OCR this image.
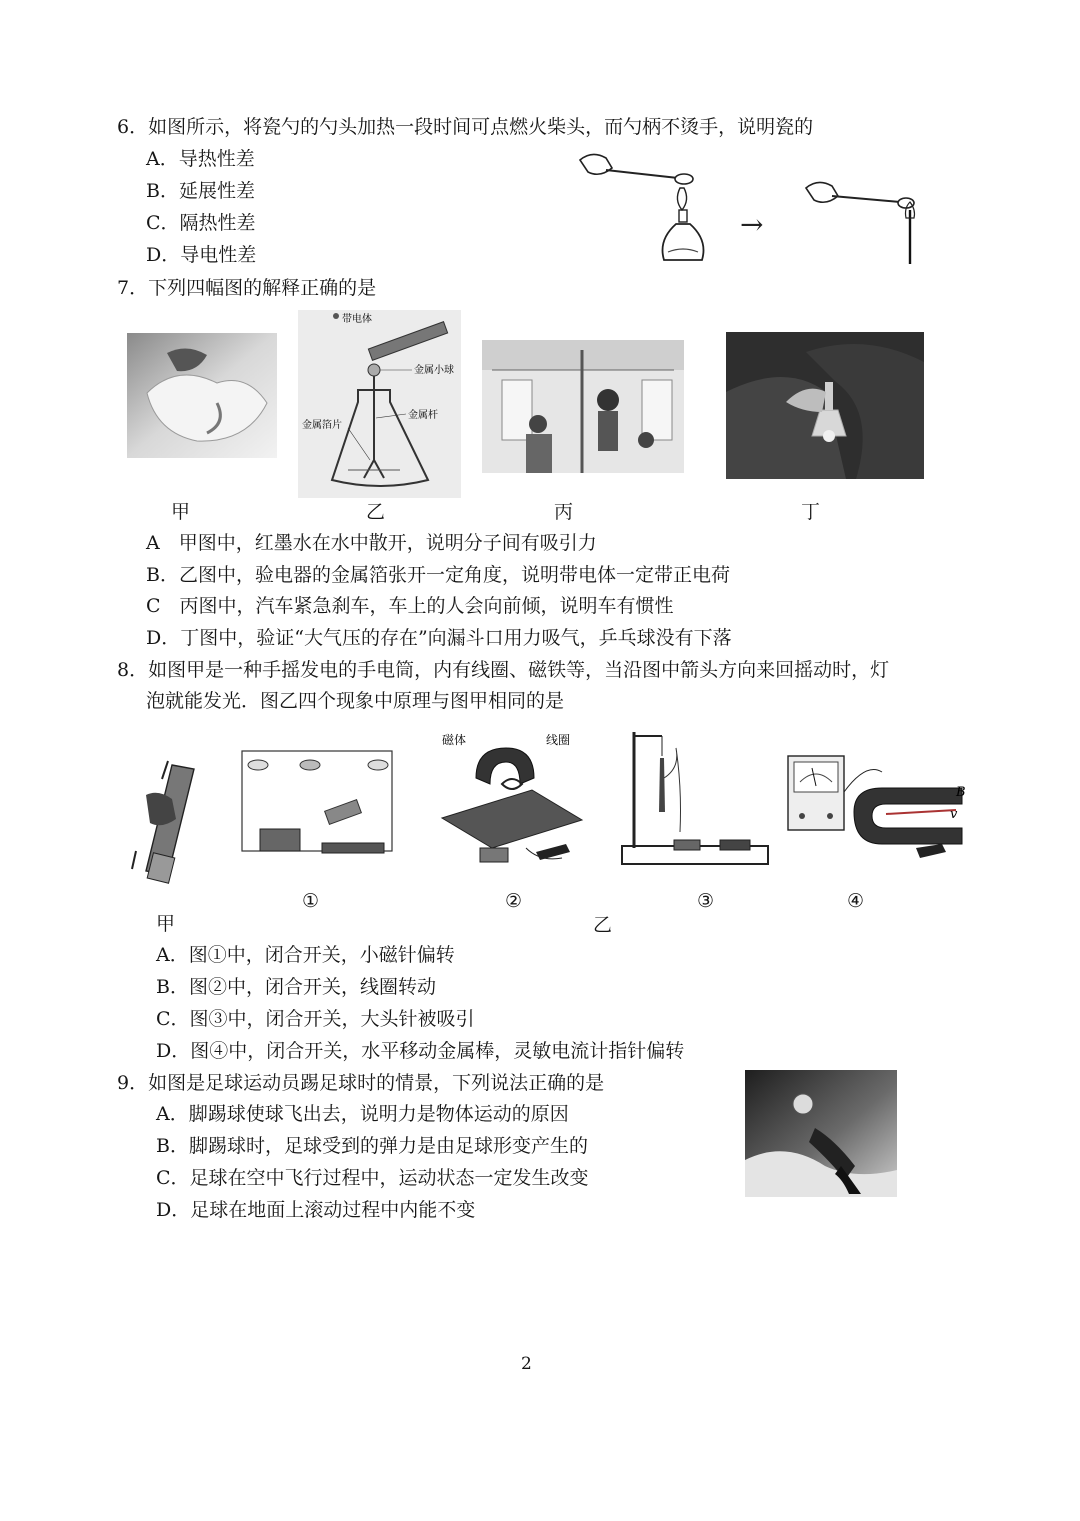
6．如图所示，将瓷勺的勺头加热一段时间可点燃火柴头，而勺柄不烫手，说明瓷的
A．导热性差
B．延展性差
C．隔热性差
D．导电性差
→
7．下列四幅图的解释正确的是
带电体
金属小球
金属杆
金属箔片
甲	乙	丙	丁
A　甲图中，红墨水在水中散开，说明分子间有吸引力
B．乙图中，验电器的金属箔张开一定角度，说明带电体一定带正电荷
C　丙图中，汽车紧急刹车，车上的人会向前倾，说明车有惯性
D．丁图中，验证“大气压的存在”向漏斗口用力吸气，乒乓球没有下落
8．如图甲是一种手摇发电的手电筒，内有线圈、磁铁等，当沿图中箭头方向来回摇动时，灯
泡就能发光．图乙四个现象中原理与图甲相同的是
磁体	线圈
B
v
①	②	③	④
甲	乙
A．图①中，闭合开关，小磁针偏转
B．图②中，闭合开关，线圈转动
C．图③中，闭合开关，大头针被吸引
D．图④中，闭合开关，水平移动金属棒，灵敏电流计指针偏转
9．如图是足球运动员踢足球时的情景，下列说法正确的是
A．脚踢球使球飞出去，说明力是物体运动的原因
B．脚踢球时，足球受到的弹力是由足球形变产生的
C．足球在空中飞行过程中，运动状态一定发生改变
D．足球在地面上滚动过程中内能不变
2
